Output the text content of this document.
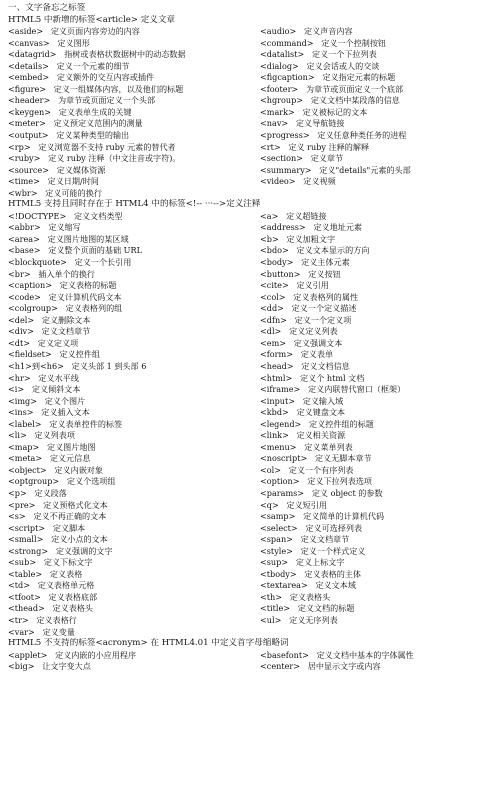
一、文字备忘之标签
HTML5 中新增的标签<article> 定义文章
<aside> 定义页面内容旁边的内容	<audio> 定义声音内容
<canvas> 定义图形	<command> 定义一个控制按钮
<datagrid> 指树或表格状数据树中的动态数据	<datalist> 定义一个下拉列表
<details> 定义一个元素的细节	<dialog> 定义会话或人的交谈
<embed> 定义额外的交互内容或插件	<figcaption> 定义指定元素的标题
<figure> 定义一组媒体内容，以及他们的标题	<footer> 为章节或页面定义一个底部
<header> 为章节或页面定义一个头部	<hgroup> 定义文档中某段落的信息
<keygen> 定义表单生成的关键	<mark> 定义被标记的文本
<meter> 定义预定义范围内的测量	<nav> 定义导航链接
<output> 定义某种类型的输出	<progress> 定义任意种类任务的进程
<rp> 定义浏览器不支持 ruby 元素的替代者	<rt> 定义 ruby 注释的解释
<ruby> 定义 ruby 注释（中文注音或字符)。	<section> 定义章节
<source> 定义媒体资源	<summary> 定义"details"元素的头部
<time> 定义日期/时间	<video> 定义视频
<wbr> 定义可能的换行
HTML5 支持且同时存在于 HTML4 中的标签<!-- ···-->定义注释
<!DOCTYPE> 定义文档类型	<a> 定义超链接
<abbr> 定义缩写	<address> 定义地址元素
<area> 定义图片地图的某区域	<b> 定义加粗文字
<base> 定义整个页面的基础 URL	<bdo> 定义文本显示的方向
<blockquote> 定义一个长引用	<body> 定义主体元素
<br> 插入单个的换行	<button> 定义按钮
<caption> 定义表格的标题	<cite> 定义引用
<code> 定义计算机代码文本	<col> 定义表格列的属性
<colgroup> 定义表格列的组	<dd> 定义一个定义描述
<del> 定义删除文本	<dfn> 定义一个定义项
<div> 定义文档章节	<dl> 定义定义列表
<dt> 定义定义项	<em> 定义强调文本
<fieldset> 定义控件组	<form> 定义表单
<h1>到<h6> 定义头部 1 到头部 6	<head> 定义文档信息
<hr> 定义水平线	<html> 定义个 html 文档
<i> 定义倾斜文本	<iframe> 定义内联替代窗口（框架）
<img> 定义个图片	<input> 定义输入域
<ins> 定义插入文本	<kbd> 定义键盘文本
<label> 定义表单控件的标签	<legend> 定义控件组的标题
<li> 定义列表项	<link> 定义相关资源
<map> 定义图片地图	<menu> 定义菜单列表
<meta> 定义元信息	<noscript> 定义无脚本章节
<object> 定义内嵌对象	<ol> 定义一个有序列表
<optgroup> 定义个选项组	<option> 定义下拉列表选项
<p> 定义段落	<params> 定义 object 的参数
<pre> 定义预格式化文本	<q> 定义短引用
<s> 定义不再正确的文本	<samp> 定义简单的计算机代码
<script> 定义脚本	<select> 定义可选择列表
<small> 定义小点的文本	<span> 定义文档章节
<strong> 定义强调的文字	<style> 定义一个样式定义
<sub> 定义下标文字	<sup> 定义上标文字
<table> 定义表格	<tbody> 定义表格的主体
<td> 定义表格单元格	<textarea> 定义文本域
<tfoot> 定义表格底部	<th> 定义表格头
<thead> 定义表格头	<title> 定义文档的标题
<tr> 定义表格行	<ul> 定义无序列表
<var> 定义变量
HTML5 不支持的标签<acronym> 在 HTML4.01 中定义首字母缩略词
<applet> 定义内嵌的小应用程序	<basefont> 定义文档中基本的字体属性
<big> 让文字变大点	<center> 居中显示文字或内容
